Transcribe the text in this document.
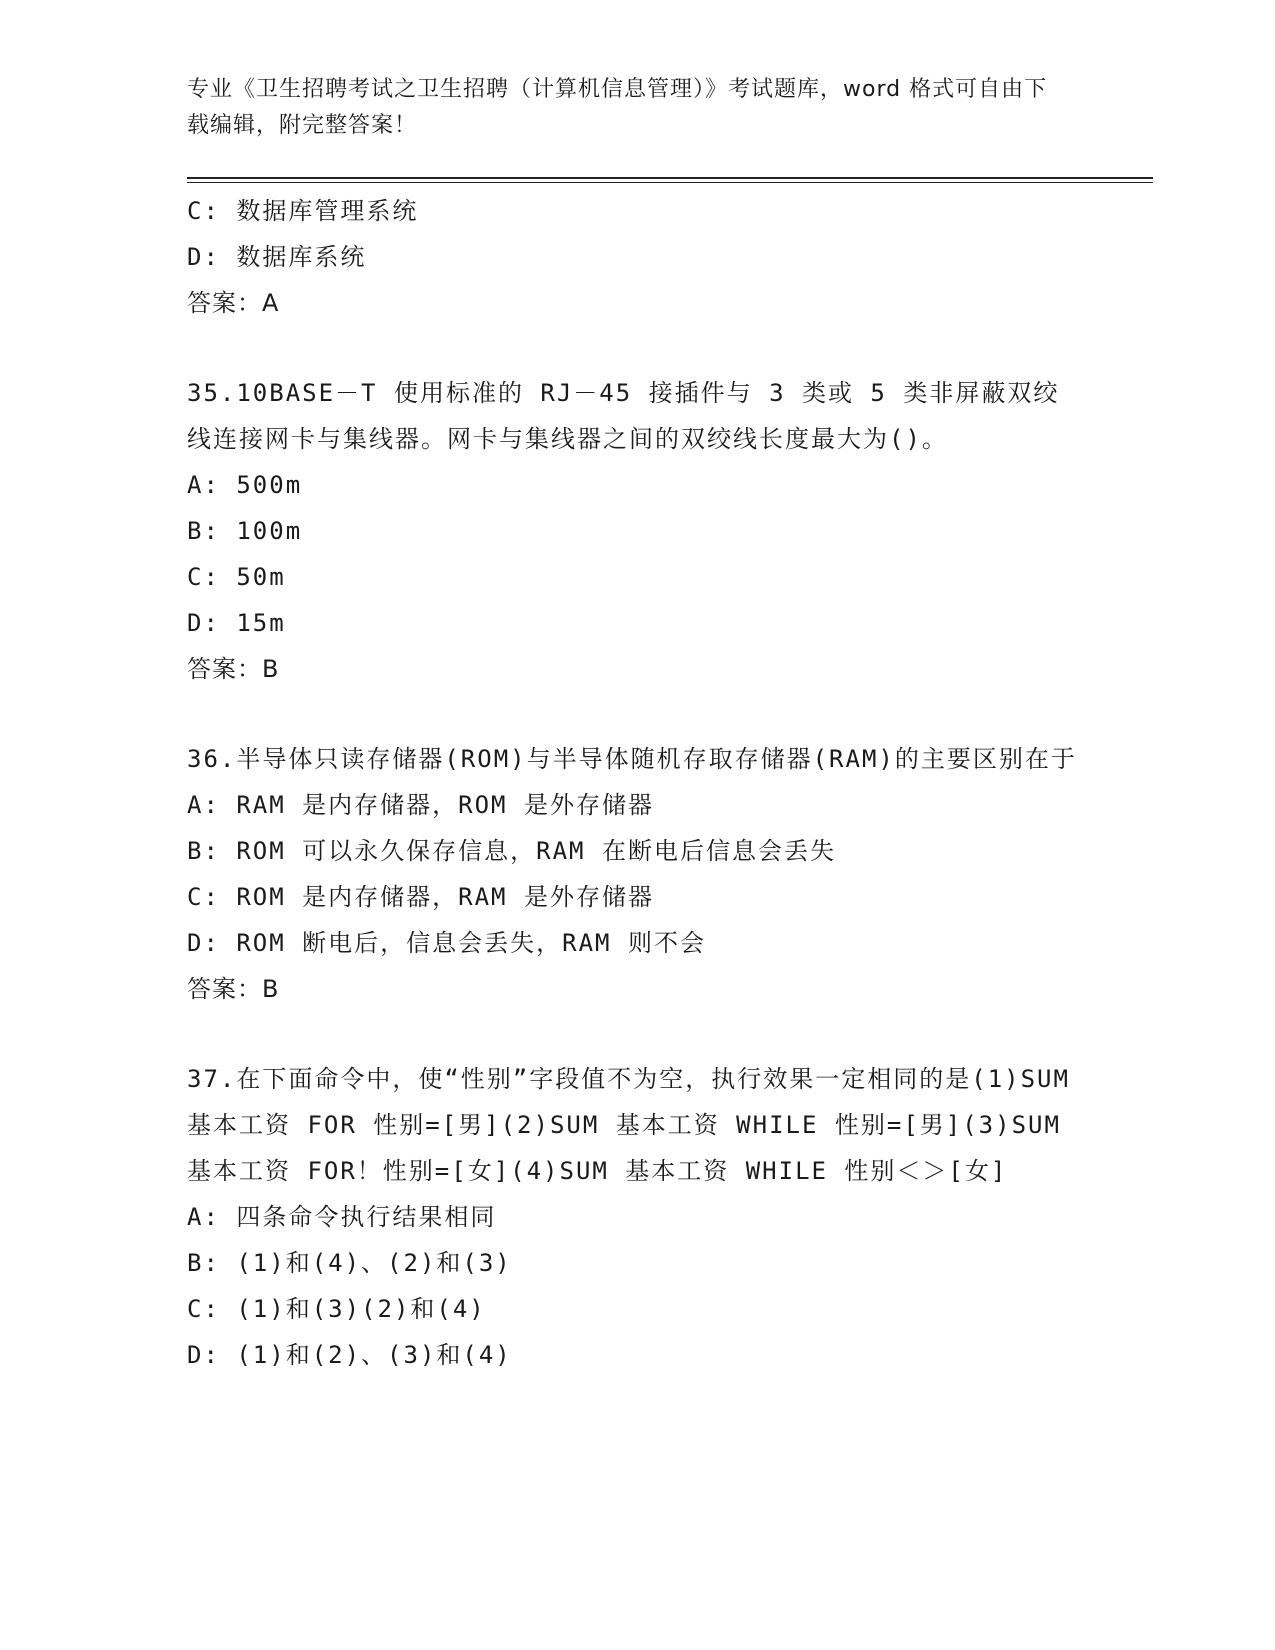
专业《卫生招聘考试之卫生招聘（计算机信息管理）》考试题库，word 格式可自由下载编辑，附完整答案！
C: 数据库管理系统
D: 数据库系统
答案：A
35.10BASE－T 使用标准的 RJ－45 接插件与 3 类或 5 类非屏蔽双绞线连接网卡与集线器。网卡与集线器之间的双绞线长度最大为()。
A: 500m
B: 100m
C: 50m
D: 15m
答案：B
36.半导体只读存储器(ROM)与半导体随机存取存储器(RAM)的主要区别在于
A: RAM 是内存储器，ROM 是外存储器
B: ROM 可以永久保存信息，RAM 在断电后信息会丢失
C: ROM 是内存储器，RAM 是外存储器
D: ROM 断电后，信息会丢失，RAM 则不会
答案：B
37.在下面命令中，使“性别”字段值不为空，执行效果一定相同的是(1)SUM 基本工资 FOR 性别=[男](2)SUM 基本工资 WHILE 性别=[男](3)SUM 基本工资 FOR！性别=[女](4)SUM 基本工资 WHILE 性别＜＞[女]
A: 四条命令执行结果相同
B: (1)和(4)、(2)和(3)
C: (1)和(3)(2)和(4)
D: (1)和(2)、(3)和(4)
